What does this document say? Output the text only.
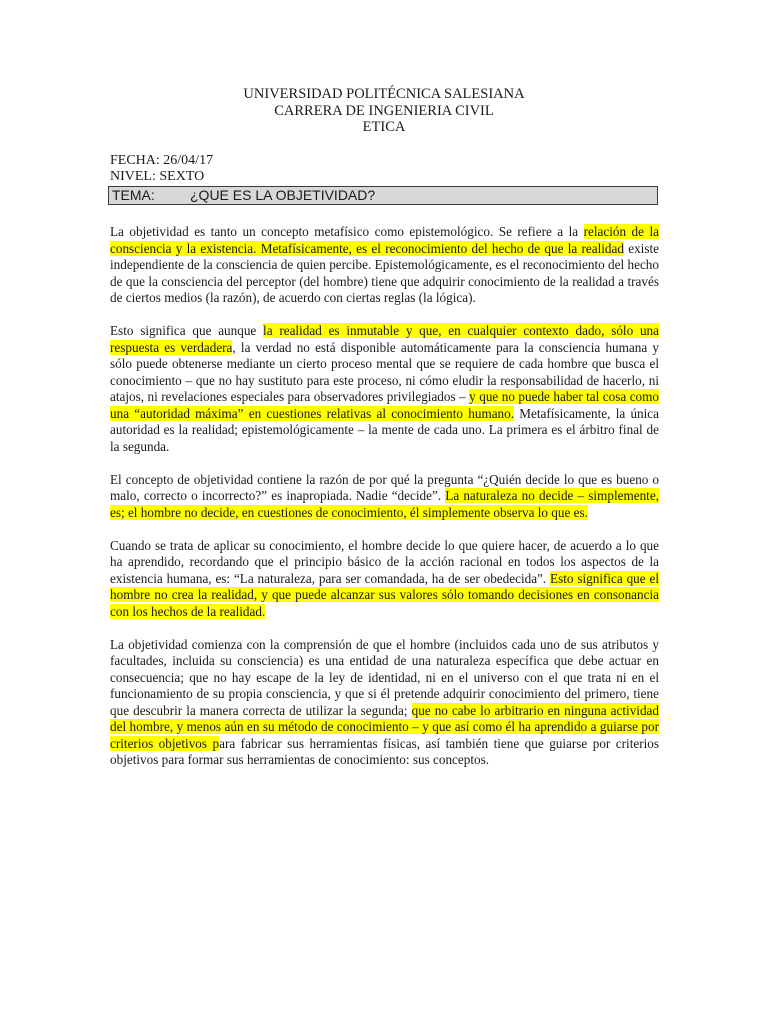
UNIVERSIDAD POLITÉCNICA SALESIANA
CARRERA DE INGENIERIA CIVIL
ETICA
FECHA: 26/04/17
NIVEL: SEXTO
TEMA:	¿QUE ES LA OBJETIVIDAD?

La objetividad es tanto un concepto metafísico como epistemológico. Se refiere a la relación de la consciencia y la existencia. Metafísicamente, es el reconocimiento del hecho de que la realidad existe independiente de la consciencia de quien percibe. Epistemológicamente, es el reconocimiento del hecho de que la consciencia del perceptor (del hombre) tiene que adquirir conocimiento de la realidad a través de ciertos medios (la razón), de acuerdo con ciertas reglas (la lógica).

Esto significa que aunque la realidad es inmutable y que, en cualquier contexto dado, sólo una respuesta es verdadera, la verdad no está disponible automáticamente para la consciencia humana y sólo puede obtenerse mediante un cierto proceso mental que se requiere de cada hombre que busca el conocimiento – que no hay sustituto para este proceso, ni cómo eludir la responsabilidad de hacerlo, ni atajos, ni revelaciones especiales para observadores privilegiados – y que no puede haber tal cosa como una “autoridad máxima” en cuestiones relativas al conocimiento humano. Metafísicamente, la única autoridad es la realidad; epistemológicamente – la mente de cada uno. La primera es el árbitro final de la segunda.

El concepto de objetividad contiene la razón de por qué la pregunta “¿Quién decide lo que es bueno o malo, correcto o incorrecto?” es inapropiada. Nadie “decide”. La naturaleza no decide – simplemente, es; el hombre no decide, en cuestiones de conocimiento, él simplemente observa lo que es.

Cuando se trata de aplicar su conocimiento, el hombre decide lo que quiere hacer, de acuerdo a lo que ha aprendido, recordando que el principio básico de la acción racional en todos los aspectos de la existencia humana, es: “La naturaleza, para ser comandada, ha de ser obedecida”. Esto significa que el hombre no crea la realidad, y que puede alcanzar sus valores sólo tomando decisiones en consonancia con los hechos de la realidad.

La objetividad comienza con la comprensión de que el hombre (incluidos cada uno de sus atributos y facultades, incluida su consciencia) es una entidad de una naturaleza específica que debe actuar en consecuencia; que no hay escape de la ley de identidad, ni en el universo con el que trata ni en el funcionamiento de su propia consciencia, y que si él pretende adquirir conocimiento del primero, tiene que descubrir la manera correcta de utilizar la segunda; que no cabe lo arbitrario en ninguna actividad del hombre, y menos aún en su método de conocimiento – y que así como él ha aprendido a guiarse por criterios objetivos para fabricar sus herramientas físicas, así también tiene que guiarse por criterios objetivos para formar sus herramientas de conocimiento: sus conceptos.
